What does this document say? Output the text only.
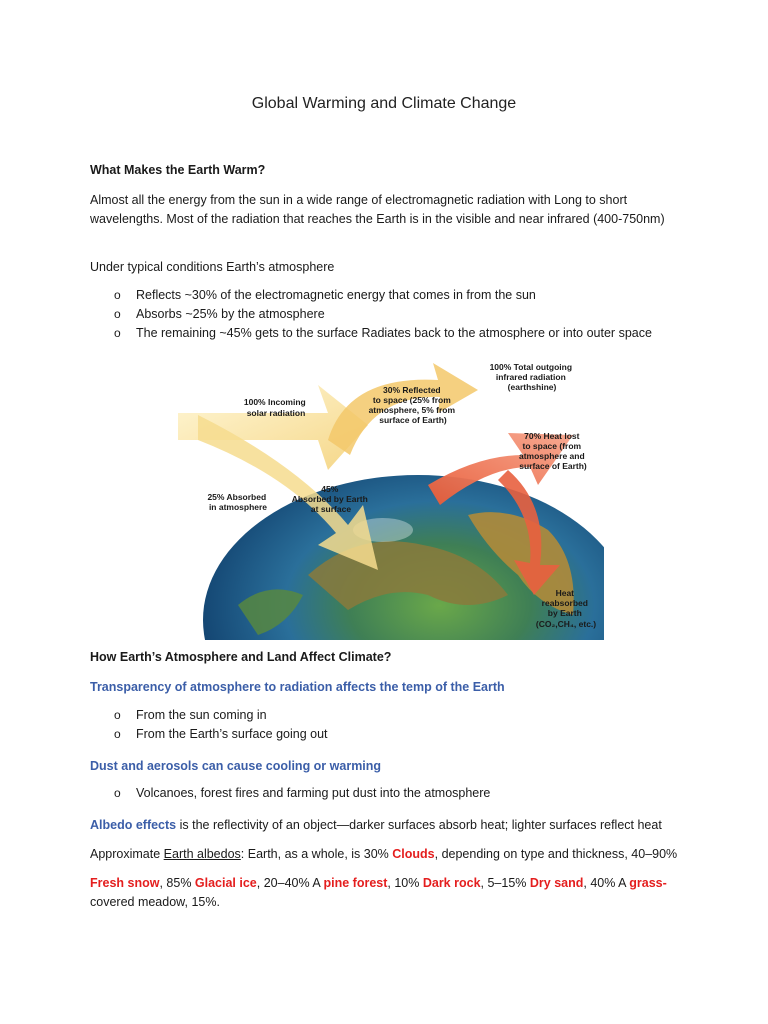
Global Warming and Climate Change
What Makes the Earth Warm?
Almost all the energy from the sun in a wide range of electromagnetic radiation with Long to short wavelengths. Most of the radiation that reaches the Earth is in the visible and near infrared (400-750nm)
Under typical conditions Earth’s atmosphere
o Reflects ~30% of the electromagnetic energy that comes in from the sun
o Absorbs ~25% by the atmosphere
o The remaining ~45% gets to the surface Radiates back to the atmosphere or into outer space
100% Incoming solar radiation
30% Reflected to space (25% from atmosphere, 5% from surface of Earth)
100% Total outgoing infrared radiation (earthshine)
70% Heat lost to space (from atmosphere and surface of Earth)
25% Absorbed in atmosphere
45% Absorbed by Earth at surface
Heat reabsorbed by Earth (CO₂,CH₄, etc.)
How Earth’s Atmosphere and Land Affect Climate?
Transparency of atmosphere to radiation affects the temp of the Earth
o From the sun coming in
o From the Earth’s surface going out
Dust and aerosols can cause cooling or warming
o Volcanoes, forest fires and farming put dust into the atmosphere
Albedo effects is the reflectivity of an object—darker surfaces absorb heat; lighter surfaces reflect heat
Approximate Earth albedos: Earth, as a whole, is 30% Clouds, depending on type and thickness, 40–90%
Fresh snow, 85% Glacial ice, 20–40% A pine forest, 10% Dark rock, 5–15% Dry sand, 40% A grass-
covered meadow, 15%.
